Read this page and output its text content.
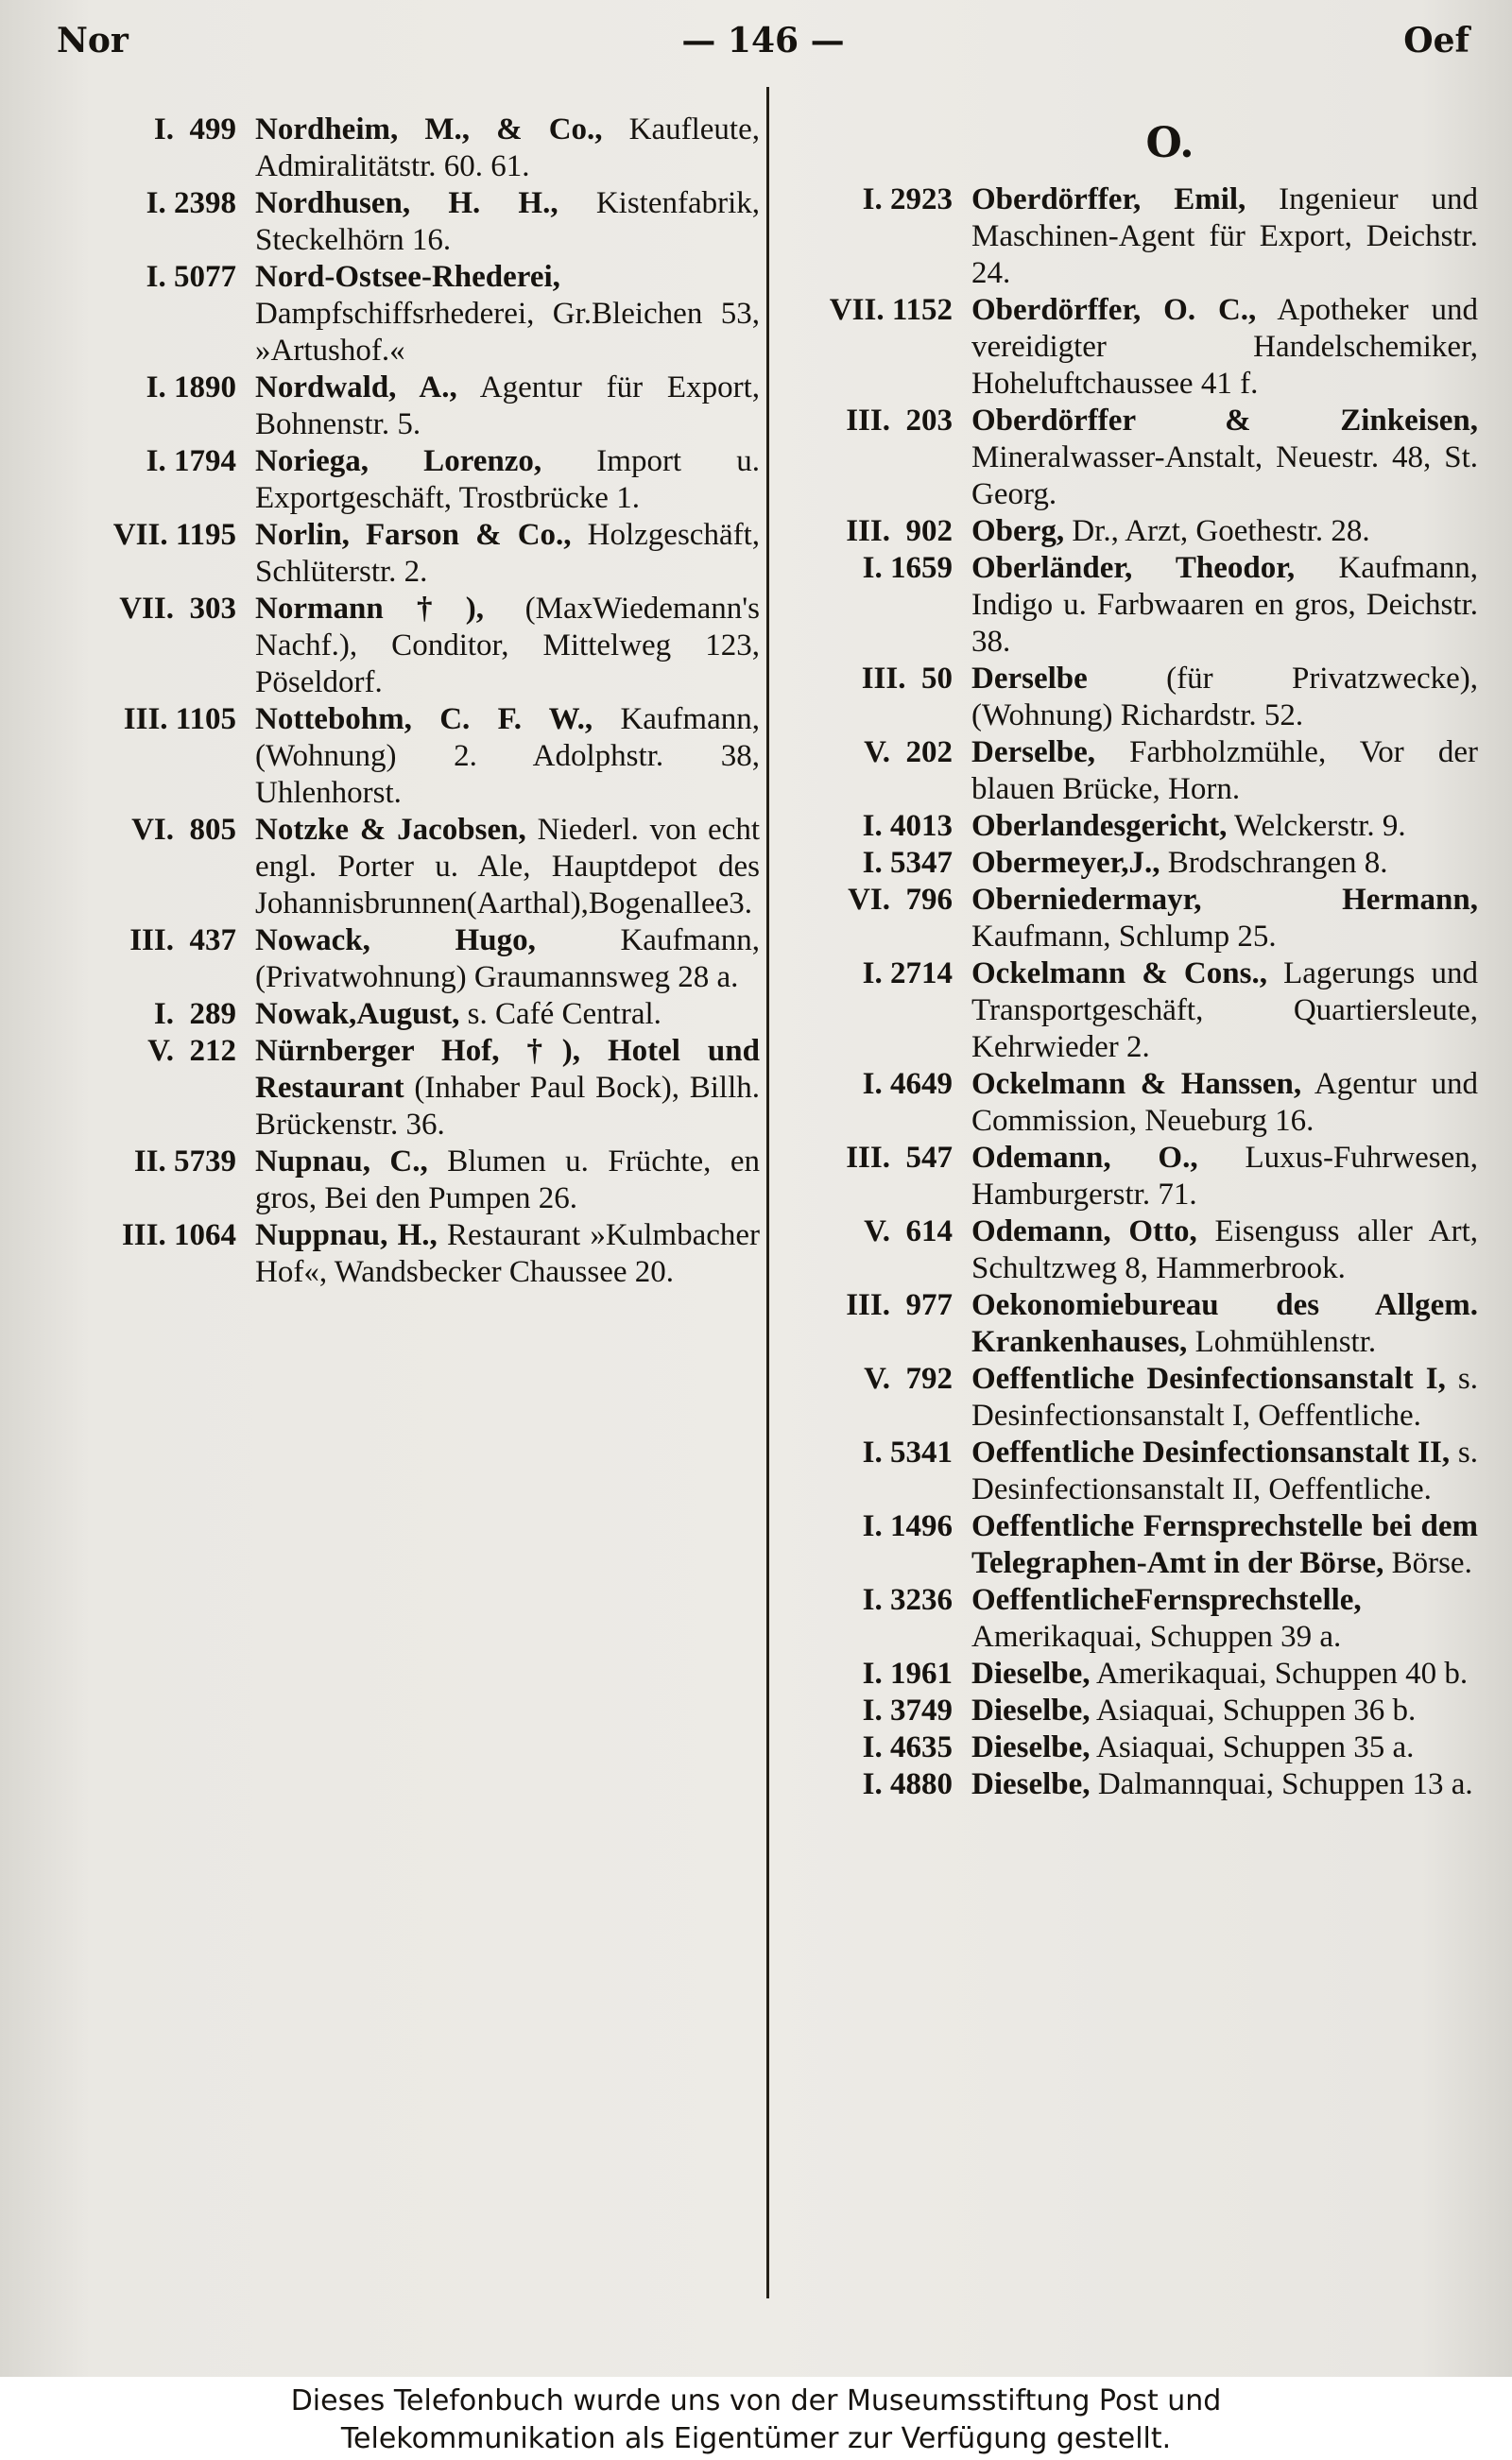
Nor	— 146 —	Oef
I.  499 Nordheim, M., & Co., Kaufleute, Admiralitätstr. 60. 61.
I. 2398 Nordhusen, H. H., Kistenfabrik, Steckelhörn 16.
I. 5077 Nord-Ostsee-Rhederei, Dampfschiffsrhederei, Gr.Bleichen 53, »Artushof.«
I. 1890 Nordwald, A., Agentur für Export, Bohnenstr. 5.
I. 1794 Noriega, Lorenzo, Import u. Exportgeschäft, Trostbrücke 1.
VII. 1195 Norlin, Farson & Co., Holzgeschäft, Schlüterstr. 2.
VII.  303 Normann†), (MaxWiedemann's Nachf.), Conditor, Mittelweg 123, Pöseldorf.
III. 1105 Nottebohm, C. F. W., Kaufmann, (Wohnung) 2. Adolphstr. 38, Uhlenhorst.
VI.  805 Notzke & Jacobsen, Niederl. von echt engl. Porter u. Ale, Hauptdepot des Johannisbrunnen(Aarthal),Bogenallee3.
III.  437 Nowack, Hugo,	Kaufmann, (Privatwohnung) Graumannsweg 28 a.
I.  289 Nowak,August, s. Café Central.
V.  212 Nürnberger Hof, †), Hotel und Restaurant (Inhaber Paul Bock), Billh. Brückenstr. 36.
II. 5739 Nupnau, C., Blumen u. Früchte, en gros, Bei den Pumpen 26.
III. 1064 Nuppnau, H., Restaurant »Kulmbacher Hof«, Wandsbecker Chaussee 20.
O.
I. 2923 Oberdörffer, Emil, Ingenieur und Maschinen-Agent für Export, Deichstr. 24.
VII. 1152 Oberdörffer, O. C., Apotheker und vereidigter Handelschemiker, Hoheluftchaussee 41 f.
III.  203 Oberdörffer & Zinkeisen, Mineralwasser-Anstalt, Neuestr. 48, St. Georg.
III.  902 Oberg, Dr., Arzt, Goethestr. 28.
I. 1659 Oberländer, Theodor, Kaufmann, Indigo u. Farbwaaren en gros, Deichstr. 38.
III.  50 Derselbe	(für Privatzwecke), (Wohnung) Richardstr. 52.
V.  202 Derselbe, Farbholzmühle, Vor der blauen Brücke, Horn.
I. 4013 Oberlandesgericht, Welckerstr. 9.
I. 5347 Obermeyer,J., Brodschrangen 8.
VI.  796 Oberniedermayr, Hermann, Kaufmann, Schlump 25.
I. 2714 Ockelmann & Cons., Lagerungs und Transportgeschäft, Quartiersleute, Kehrwieder 2.
I. 4649 Ockelmann & Hanssen, Agentur und Commission, Neueburg 16.
III.  547 Odemann, O., Luxus-Fuhrwesen, Hamburgerstr. 71.
V.  614 Odemann, Otto, Eisenguss aller Art, Schultzweg 8, Hammerbrook.
III.  977 Oekonomiebureau des Allgem. Krankenhauses, Lohmühlenstr.
V.  792 Oeffentliche Desinfectionsanstalt I, s. Desinfectionsanstalt I, Oeffentliche.
I. 5341 Oeffentliche Desinfectionsanstalt II, s. Desinfectionsanstalt II, Oeffentliche.
I. 1496 Oeffentliche Fernsprechstelle bei dem Telegraphen-Amt in der Börse, Börse.
I. 3236 OeffentlicheFernsprechstelle, Amerikaquai, Schuppen 39 a.
I. 1961 Dieselbe, Amerikaquai, Schuppen 40 b.
I. 3749 Dieselbe, Asiaquai, Schuppen 36 b.
I. 4635 Dieselbe, Asiaquai, Schuppen 35 a.
I. 4880 Dieselbe, Dalmannquai, Schuppen 13 a.
Dieses Telefonbuch wurde uns von der Museumsstiftung Post und
Telekommunikation als Eigentümer zur Verfügung gestellt.
